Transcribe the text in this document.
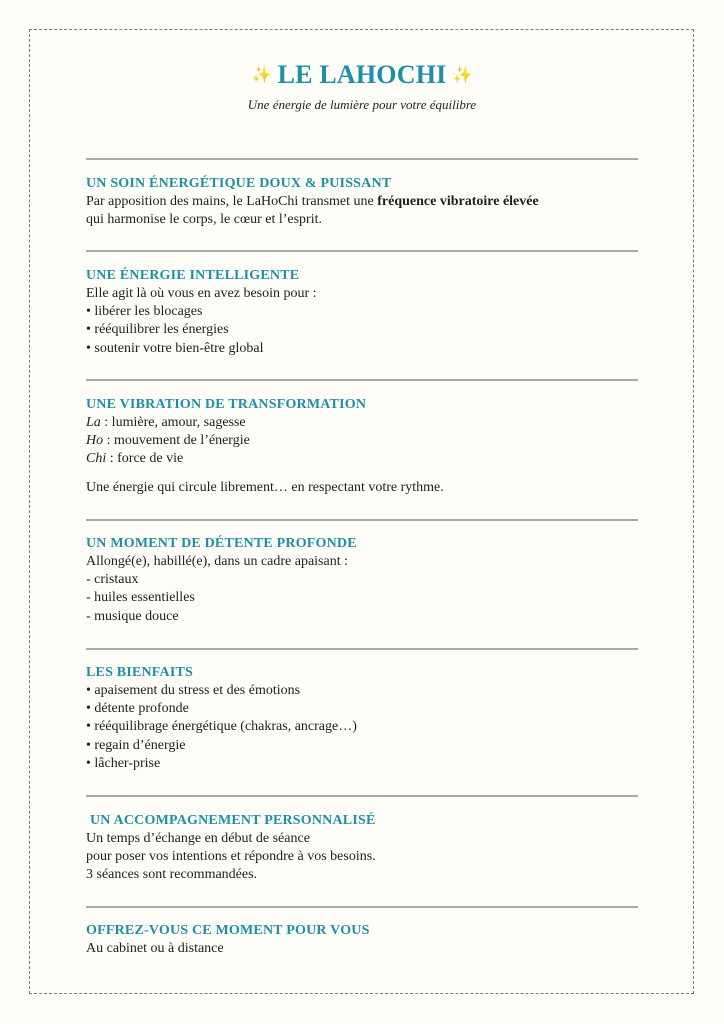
✨ LE LAHOCHI ✨
Une énergie de lumière pour votre équilibre
UN SOIN ÉNERGÉTIQUE DOUX & PUISSANT
Par apposition des mains, le LaHoChi transmet une fréquence vibratoire élevée
qui harmonise le corps, le cœur et l’esprit.
UNE ÉNERGIE INTELLIGENTE
Elle agit là où vous en avez besoin pour :
• libérer les blocages
• rééquilibrer les énergies
• soutenir votre bien-être global
UNE VIBRATION DE TRANSFORMATION
La : lumière, amour, sagesse
Ho : mouvement de l’énergie
Chi : force de vie
Une énergie qui circule librement… en respectant votre rythme.
UN MOMENT DE DÉTENTE PROFONDE
Allongé(e), habillé(e), dans un cadre apaisant :
- cristaux
- huiles essentielles
- musique douce
LES BIENFAITS
• apaisement du stress et des émotions
• détente profonde
• rééquilibrage énergétique (chakras, ancrage…)
• regain d’énergie
• lâcher-prise
UN ACCOMPAGNEMENT PERSONNALISÉ
Un temps d’échange en début de séance
pour poser vos intentions et répondre à vos besoins.
3 séances sont recommandées.
OFFREZ-VOUS CE MOMENT POUR VOUS
Au cabinet ou à distance
